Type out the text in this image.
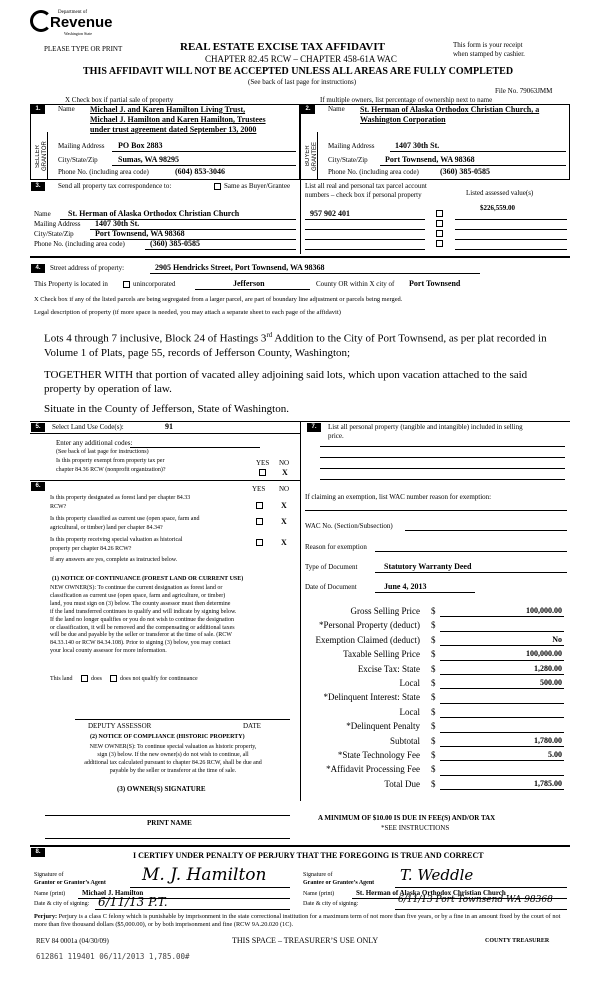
Department of
Revenue
Washington State
PLEASE TYPE OR PRINT	REAL ESTATE EXCISE TAX AFFIDAVIT
CHAPTER 82.45 RCW – CHAPTER 458-61A WAC
This form is your receipt
when stamped by cashier.
THIS AFFIDAVIT WILL NOT BE ACCEPTED UNLESS ALL AREAS ARE FULLY COMPLETED
(See back of last page for instructions)
File No. 79063JMM
X Check box if partial sale of property	If multiple owners, list percentage of ownership next to name
1.	2.
SELLER GRANTOR	BUYER GRANTEE
Name Michael J. and Karen Hamilton Living Trust,
Michael J. Hamilton and Karen Hamilton, Trustees
under trust agreement dated September 13, 2000
Mailing Address PO Box 2883
City/State/Zip	Sumas, WA 98295
Phone No. (including area code)	(604) 853-3046
Name St. Herman of Alaska Orthodox Christian Church, a
Washington Corporation
Mailing Address	1407 30th St.
City/State/Zip Port Townsend, WA 98368
Phone No. (including area code)	(360) 385-0585
3.	Send all property tax correspondence to:	Same as Buyer/Grantee List all real and personal tax parcel account
numbers – check box if personal property	Listed assessed value(s)
$226,559.00
Name St. Herman of Alaska Orthodox Christian Church
Mailing Address 1407 30th St.
City/State/Zip	Port Townsend, WA 98368
Phone No. (including area code)	(360) 385-0585
957 902 401
4.	Street address of property:	2905 Hendricks Street, Port Townsend, WA 98368
This Property is located in	unincorporated	Jefferson	County OR within X city of Port Townsend
X Check box if any of the listed parcels are being segregated from a larger parcel, are part of boundary line adjustment or parcels being merged.
Legal description of property (if more space is needed, you may attach a separate sheet to each page of the affidavit)
Lots 4 through 7 inclusive, Block 24 of Hastings 3rd Addition to the City of Port Townsend, as per plat recorded in Volume 1 of Plats, page 55, records of Jefferson County, Washington;
TOGETHER WITH that portion of vacated alley adjoining said lots, which upon vacation attached to the said property by operation of law.
Situate in the County of Jefferson, State of Washington.
5.	Select Land Use Code(s):	91
Enter any additional codes:
(See back of last page for instructions)
Is this property exempt from property tax per
chapter 84.36 RCW (nonprofit organization)?
YES NO
X
7.	List all personal property (tangible and intangible) included in selling
price.
6.	YES NO
Is this property designated as forest land per chapter 84.33
RCW?	X
Is this property classified as current use (open space, farm and
agricultural, or timber) land per chapter 84.34?
X
Is this property receiving special valuation as historical
property per chapter 84.26 RCW?
X
If any answers are yes, complete as instructed below.
(1) NOTICE OF CONTINUANCE (FOREST LAND OR CURRENT USE)
NEW OWNER(S): To continue the current designation as forest land or
classification as current use (open space, farm and agriculture, or timber)
land, you must sign on (3) below. The county assessor must then determine
if the land transferred continues to qualify and will indicate by signing below.
If the land no longer qualifies or you do not wish to continue the designation
or classification, it will be removed and the compensating or additional taxes
will be due and payable by the seller or transferor at the time of sale. (RCW
84.33.140 or RCW 84.34.108). Prior to signing (3) below, you may contact
your local county assessor for more information.
This land	does	does not qualify for continuance
DEPUTY ASSESSOR	DATE
(2) NOTICE OF COMPLIANCE (HISTORIC PROPERTY)
NEW OWNER(S): To continue special valuation as historic property,
sign (3) below. If the new owner(s) do not wish to continue, all
additional tax calculated pursuant to chapter 84.26 RCW, shall be due and
payable by the seller or transferor at the time of sale.
(3) OWNER(S) SIGNATURE
PRINT NAME
If claiming an exemption, list WAC number reason for exemption:
WAC No. (Section/Subsection)
Reason for exemption
Type of Document	Statutory Warranty Deed
Date of Document	June 4, 2013
Gross Selling Price $	100,000.00
*Personal Property (deduct) $
Exemption Claimed (deduct) $	No
Taxable Selling Price $	100,000.00
Excise Tax: State $	1,280.00
Local $	500.00
*Delinquent Interest: State $
Local $
*Delinquent Penalty $
Subtotal $	1,780.00
*State Technology Fee $	5.00
*Affidavit Processing Fee $
Total Due $	1,785.00
A MINIMUM OF $10.00 IS DUE IN FEE(S) AND/OR TAX
*SEE INSTRUCTIONS
8.	I CERTIFY UNDER PENALTY OF PERJURY THAT THE FOREGOING IS TRUE AND CORRECT
Signature of
Grantor or Grantor’s Agent M. J. Hamilton
Name (print) Michael J. Hamilton
Date & city of signing: 6/11/13 P.T.
Signature of
Grantee or Grantee’s Agent T. Weddle
Name (print)	St. Herman of Alaska Orthodox Christian Church
Date & city of signing:	6/11/13 Port Townsend WA 98368
Perjury: Perjury is a class C felony which is punishable by imprisonment in the state correctional institution for a maximum term of not more than five years, or by a fine in an amount fixed by the court of not more than five thousand dollars ($5,000.00), or by both imprisonment and fine (RCW 9A.20.020 (1C).
REV 84 0001a (04/30/09)	THIS SPACE – TREASURER’S USE ONLY	COUNTY TREASURER
612861 119401 06/11/2013 1,785.00#
